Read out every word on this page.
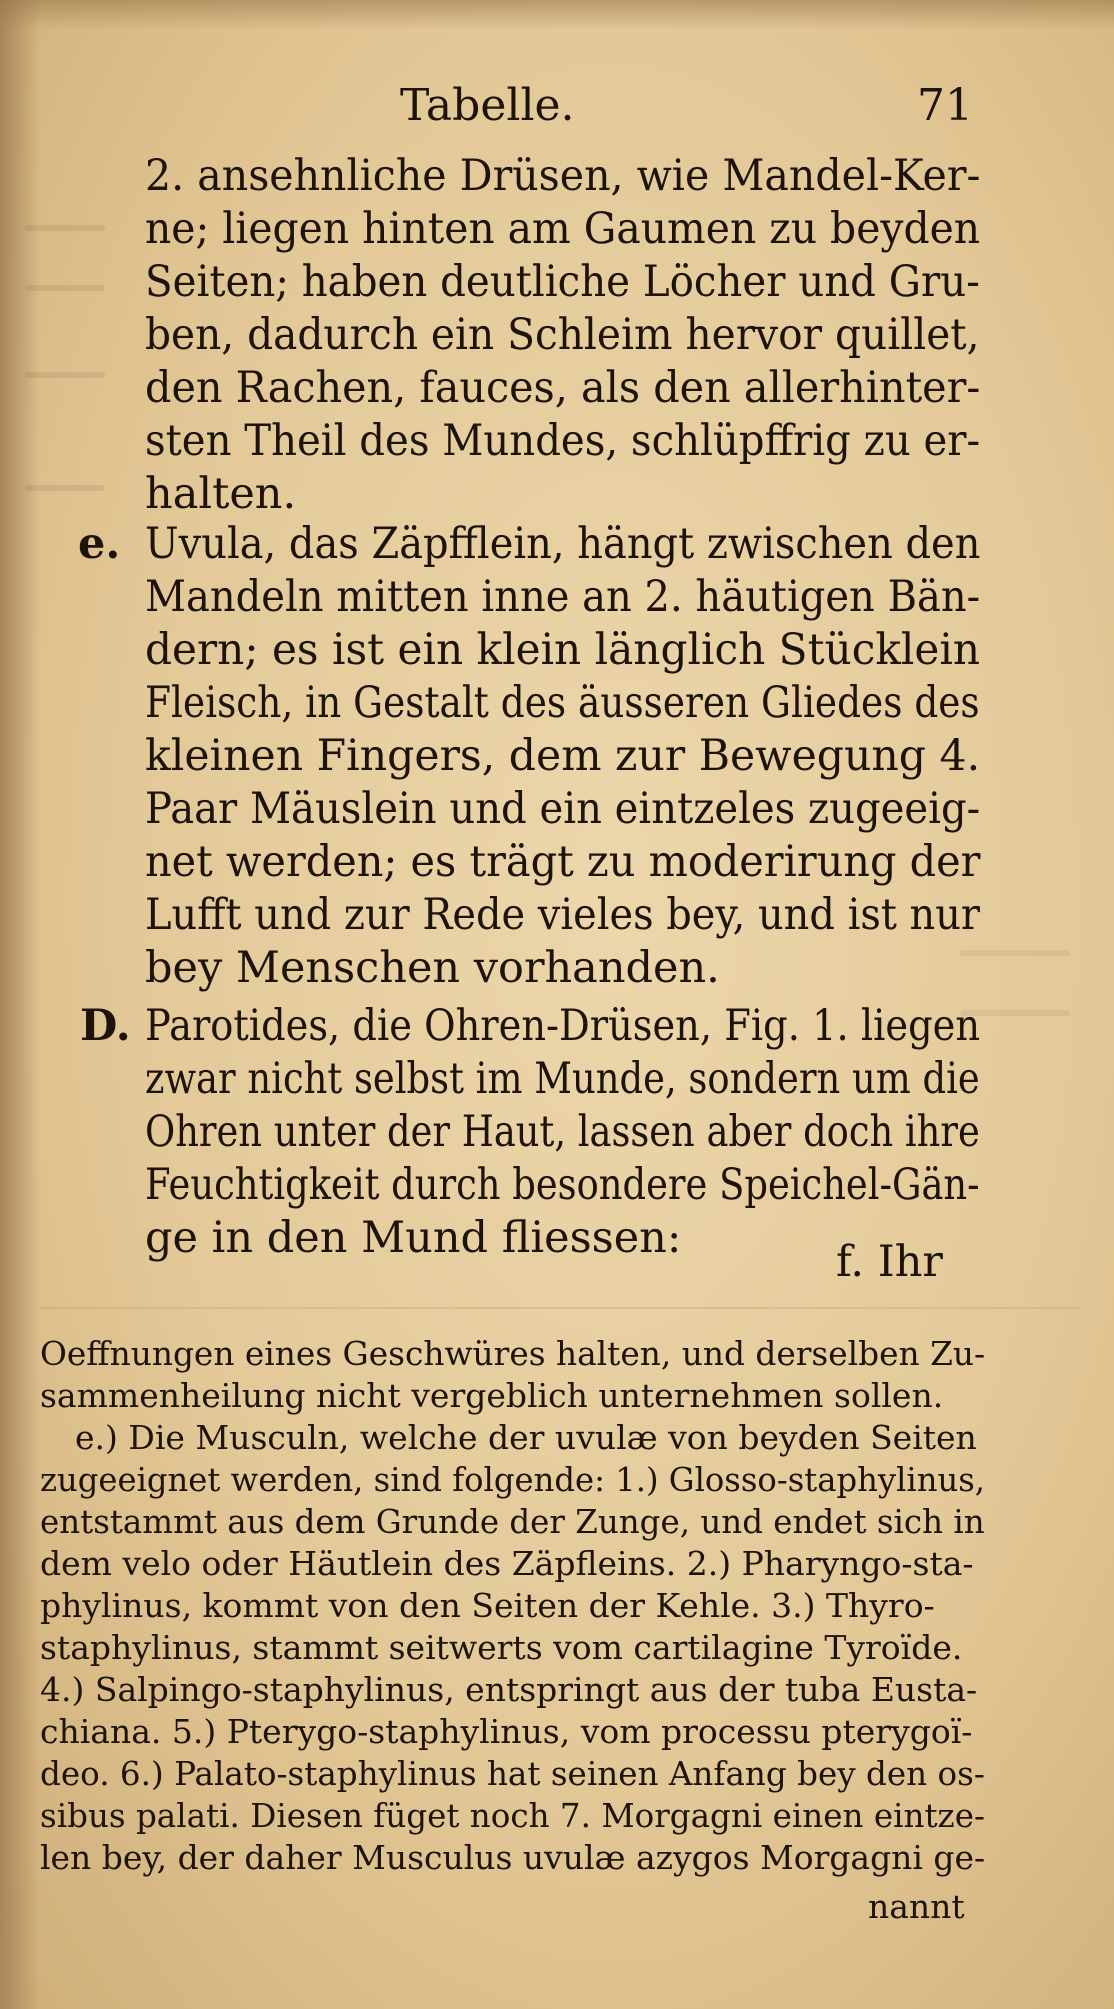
Tabelle.	71
2. ansehnliche Drüsen, wie Mandel-Ker-
ne; liegen hinten am Gaumen zu beyden
Seiten; haben deutliche Löcher und Gru-
ben, dadurch ein Schleim hervor quillet,
den Rachen, fauces, als den allerhinter-
sten Theil des Mundes, schlüpffrig zu er-
halten.
e. Uvula, das Zäpfflein, hängt zwischen den
Mandeln mitten inne an 2. häutigen Bän-
dern; es ist ein klein länglich Stücklein
Fleisch, in Gestalt des äusseren Gliedes des
kleinen Fingers, dem zur Bewegung 4.
Paar Mäuslein und ein eintzeles zugeeig-
net werden; es trägt zu moderirung der
Lufft und zur Rede vieles bey, und ist nur
bey Menschen vorhanden.
D. Parotides, die Ohren-Drüsen, Fig. 1. liegen
zwar nicht selbst im Munde, sondern um die
Ohren unter der Haut, lassen aber doch ihre
Feuchtigkeit durch besondere Speichel-Gän-
ge in den Mund fliessen:	f. Ihr
Oeffnungen eines Geschwüres halten, und derselben Zu-
sammenheilung nicht vergeblich unternehmen sollen.
e.) Die Musculn, welche der uvulæ von beyden Seiten
zugeeignet werden, sind folgende: 1.) Glosso-staphylinus,
entstammt aus dem Grunde der Zunge, und endet sich in
dem velo oder Häutlein des Zäpfleins. 2.) Pharyngo-sta-
phylinus, kommt von den Seiten der Kehle. 3.) Thyro-
staphylinus, stammt seitwerts vom cartilagine Tyroïde.
4.) Salpingo-staphylinus, entspringt aus der tuba Eusta-
chiana. 5.) Pterygo-staphylinus, vom processu pterygoï-
deo. 6.) Palato-staphylinus hat seinen Anfang bey den os-
sibus palati. Diesen füget noch 7. Morgagni einen eintze-
len bey, der daher Musculus uvulæ azygos Morgagni ge-
nannt
